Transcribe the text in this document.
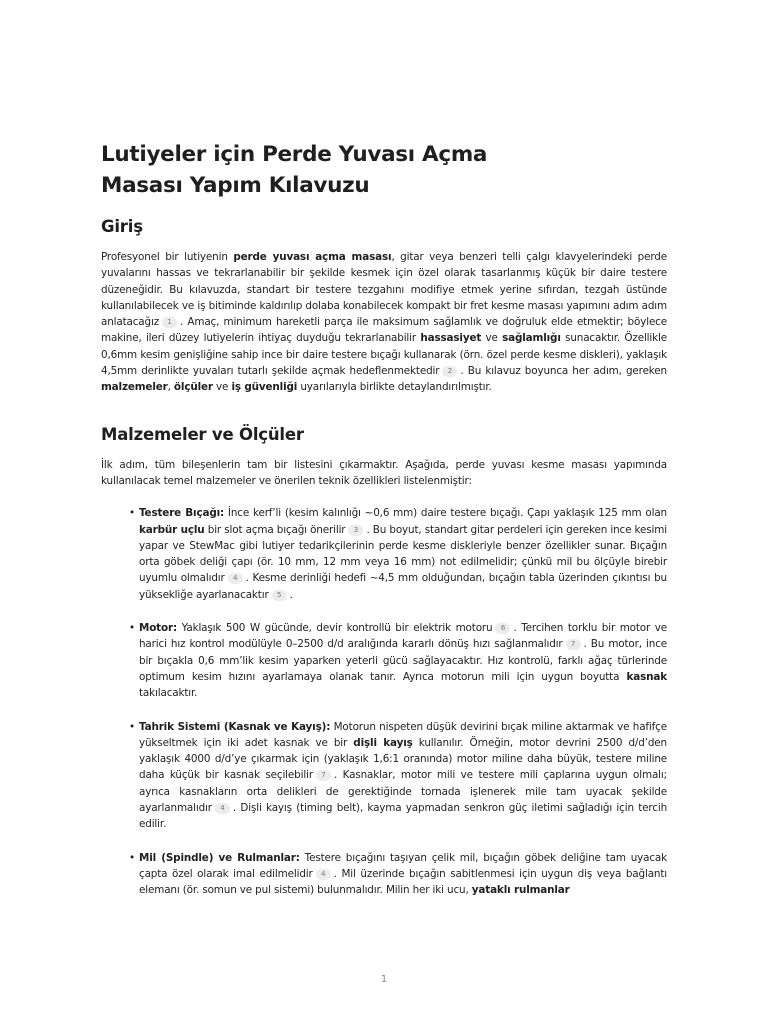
Lutiyeler için Perde Yuvası Açma
Masası Yapım Kılavuzu
Giriş

Profesyonel bir lutiyenin perde yuvası açma masası, gitar veya benzeri telli çalgı klavyelerindeki perde yuvalarını hassas ve tekrarlanabilir bir şekilde kesmek için özel olarak tasarlanmış küçük bir daire testere düzeneğidir. Bu kılavuzda, standart bir testere tezgahını modifiye etmek yerine sıfırdan, tezgah üstünde kullanılabilecek ve iş bitiminde kaldırılıp dolaba konabilecek kompakt bir fret kesme masası yapımını adım adım anlatacağız 1 . Amaç, minimum hareketli parça ile maksimum sağlamlık ve doğruluk elde etmektir; böylece makine, ileri düzey lutiyelerin ihtiyaç duyduğu tekrarlanabilir hassasiyet ve sağlamlığı sunacaktır. Özellikle 0,6mm kesim genişliğine sahip ince bir daire testere bıçağı kullanarak (örn. özel perde kesme diskleri), yaklaşık 4,5mm derinlikte yuvaları tutarlı şekilde açmak hedeflenmektedir 2 . Bu kılavuz boyunca her adım, gereken malzemeler, ölçüler ve iş güvenliği uyarılarıyla birlikte detaylandırılmıştır.

Malzemeler ve Ölçüler

İlk adım, tüm bileşenlerin tam bir listesini çıkarmaktır. Aşağıda, perde yuvası kesme masası yapımında kullanılacak temel malzemeler ve önerilen teknik özellikleri listelenmiştir:

• Testere Bıçağı: İnce kerf’li (kesim kalınlığı ~0,6 mm) daire testere bıçağı. Çapı yaklaşık 125 mm olan karbür uçlu bir slot açma bıçağı önerilir 3 . Bu boyut, standart gitar perdeleri için gereken ince kesimi yapar ve StewMac gibi lutiyer tedarikçilerinin perde kesme diskleriyle benzer özellikler sunar. Bıçağın orta göbek deliği çapı (ör. 10 mm, 12 mm veya 16 mm) not edilmelidir; çünkü mil bu ölçüyle birebir uyumlu olmalıdır 4 . Kesme derinliği hedefi ~4,5 mm olduğundan, bıçağın tabla üzerinden çıkıntısı bu yüksekliğe ayarlanacaktır 5 .
• Motor: Yaklaşık 500 W gücünde, devir kontrollü bir elektrik motoru 6 . Tercihen torklu bir motor ve harici hız kontrol modülüyle 0–2500 d/d aralığında kararlı dönüş hızı sağlanmalıdır 7 . Bu motor, ince bir bıçakla 0,6 mm’lik kesim yaparken yeterli gücü sağlayacaktır. Hız kontrolü, farklı ağaç türlerinde optimum kesim hızını ayarlamaya olanak tanır. Ayrıca motorun mili için uygun boyutta kasnak takılacaktır.
• Tahrik Sistemi (Kasnak ve Kayış): Motorun nispeten düşük devirini bıçak miline aktarmak ve hafifçe yükseltmek için iki adet kasnak ve bir dişli kayış kullanılır. Örneğin, motor devrini 2500 d/d’den yaklaşık 4000 d/d’ye çıkarmak için (yaklaşık 1,6:1 oranında) motor miline daha büyük, testere miline daha küçük bir kasnak seçilebilir 7 . Kasnaklar, motor mili ve testere mili çaplarına uygun olmalı; ayrıca kasnakların orta delikleri de gerektiğinde tornada işlenerek mile tam uyacak şekilde ayarlanmalıdır 4 . Dişli kayış (timing belt), kayma yapmadan senkron güç iletimi sağladığı için tercih edilir.
• Mil (Spindle) ve Rulmanlar: Testere bıçağını taşıyan çelik mil, bıçağın göbek deliğine tam uyacak çapta özel olarak imal edilmelidir 4 . Mil üzerinde bıçağın sabitlenmesi için uygun diş veya bağlantı elemanı (ör. somun ve pul sistemi) bulunmalıdır. Milin her iki ucu, yataklı rulmanlar
1
